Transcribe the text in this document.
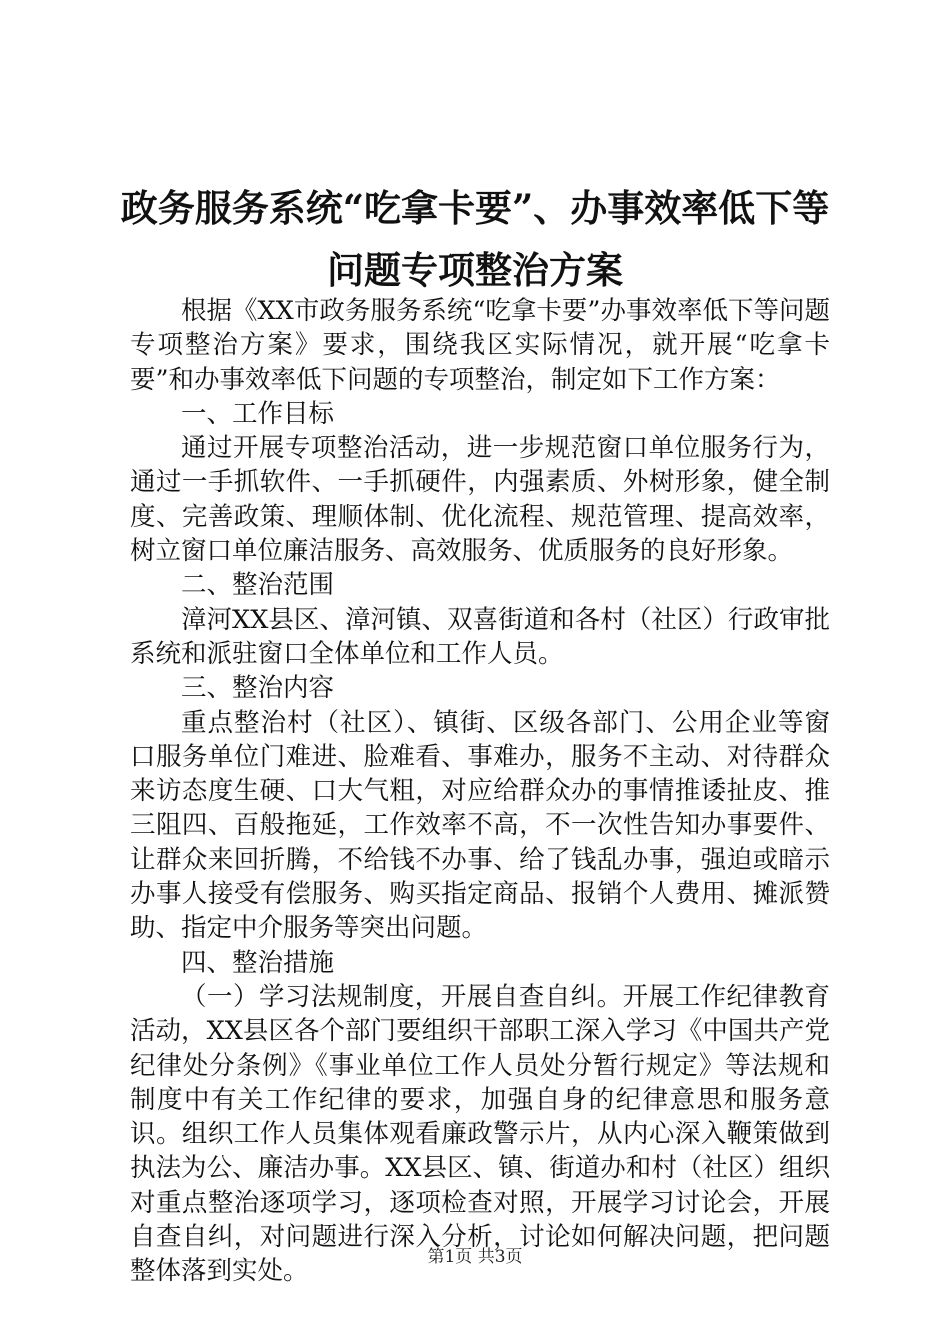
政务服务系统“吃拿卡要”、办事效率低下等
问题专项整治方案

根据《XX市政务服务系统“吃拿卡要”办事效率低下等问题专项整治方案》要求，围绕我区实际情况，就开展“吃拿卡要”和办事效率低下问题的专项整治，制定如下工作方案：

一、工作目标

通过开展专项整治活动，进一步规范窗口单位服务行为，通过一手抓软件、一手抓硬件，内强素质、外树形象，健全制度、完善政策、理顺体制、优化流程、规范管理、提高效率，树立窗口单位廉洁服务、高效服务、优质服务的良好形象。

二、整治范围

漳河XX县区、漳河镇、双喜街道和各村（社区）行政审批系统和派驻窗口全体单位和工作人员。

三、整治内容

重点整治村（社区）、镇街、区级各部门、公用企业等窗口服务单位门难进、脸难看、事难办，服务不主动、对待群众来访态度生硬、口大气粗，对应给群众办的事情推诿扯皮、推三阻四、百般拖延，工作效率不高，不一次性告知办事要件、让群众来回折腾，不给钱不办事、给了钱乱办事，强迫或暗示办事人接受有偿服务、购买指定商品、报销个人费用、摊派赞助、指定中介服务等突出问题。

四、整治措施

（一）学习法规制度，开展自查自纠。开展工作纪律教育活动，XX县区各个部门要组织干部职工深入学习《中国共产党纪律处分条例》《事业单位工作人员处分暂行规定》等法规和制度中有关工作纪律的要求，加强自身的纪律意思和服务意识。组织工作人员集体观看廉政警示片，从内心深入鞭策做到执法为公、廉洁办事。XX县区、镇、街道办和村（社区）组织对重点整治逐项学习，逐项检查对照，开展学习讨论会，开展自查自纠，对问题进行深入分析，讨论如何解决问题，把问题整体落到实处。	第1页 共3页
